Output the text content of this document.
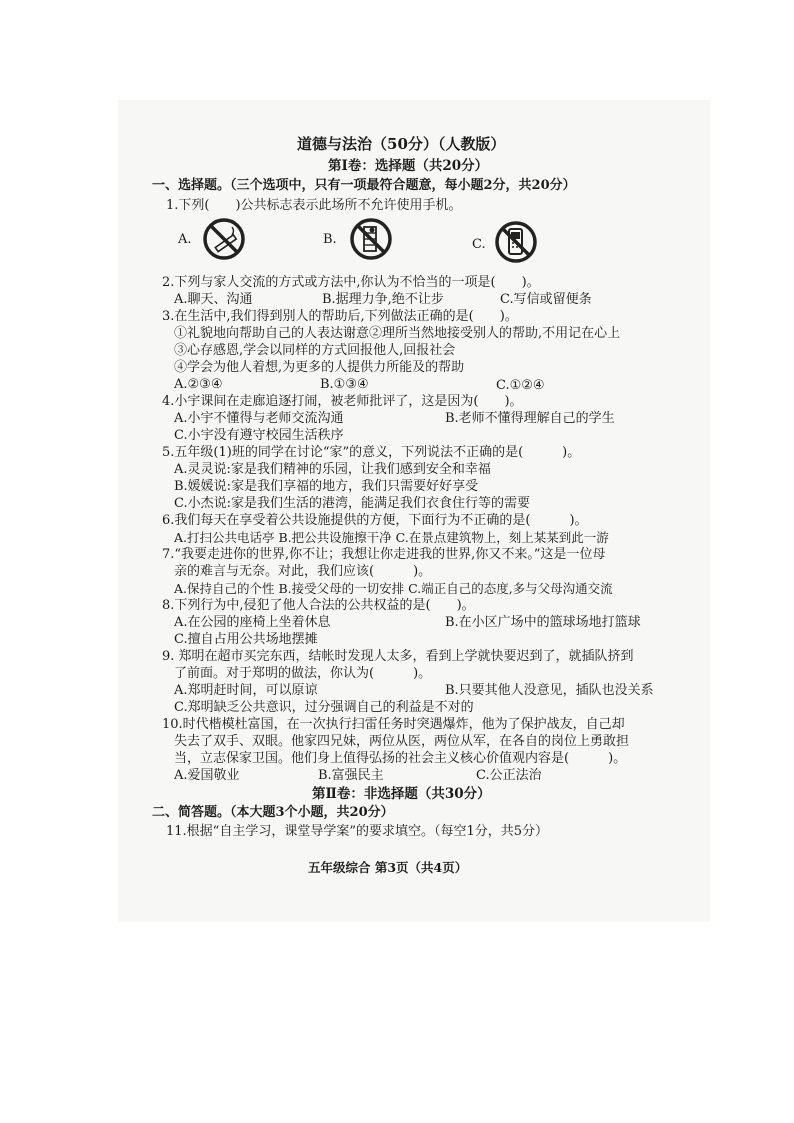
道德与法治（50分）（人教版）
第Ⅰ卷：选择题（共20分）
一、选择题。（三个选项中，只有一项最符合题意，每小题2分，共20分）
1.下列(　　)公共标志表示此场所不允许使用手机。
A.	B.	C.
2.下列与家人交流的方式或方法中,你认为不恰当的一项是(　　)。
A.聊天、沟通	B.据理力争,绝不让步	C.写信或留便条
3.在生活中,我们得到别人的帮助后,下列做法正确的是(　　)。
①礼貌地向帮助自己的人表达谢意②理所当然地接受别人的帮助,不用记在心上
③心存感恩,学会以同样的方式回报他人,回报社会
④学会为他人着想,为更多的人提供力所能及的帮助
A.②③④	B.①③④	C.①②④
4.小宇课间在走廊追逐打闹，被老师批评了，这是因为(　　)。
A.小宇不懂得与老师交流沟通	B.老师不懂得理解自己的学生
C.小宇没有遵守校园生活秩序
5.五年级(1)班的同学在讨论“家”的意义，下列说法不正确的是(　　　)。
A.灵灵说:家是我们精神的乐园，让我们感到安全和幸福
B.媛媛说:家是我们享福的地方，我们只需要好好享受
C.小杰说:家是我们生活的港湾，能满足我们衣食住行等的需要
6.我们每天在享受着公共设施提供的方便，下面行为不正确的是(　　　)。
A.打扫公共电话亭 B.把公共设施擦干净 C.在景点建筑物上，刻上某某到此一游
7.“我要走进你的世界,你不让；我想让你走进我的世界,你又不来。”这是一位母
亲的难言与无奈。对此，我们应该(　　　)。
A.保持自己的个性 B.接受父母的一切安排 C.端正自己的态度,多与父母沟通交流
8.下列行为中,侵犯了他人合法的公共权益的是(　　)。
A.在公园的座椅上坐着休息	B.在小区广场中的篮球场地打篮球
C.擅自占用公共场地摆摊
9. 郑明在超市买完东西，结帐时发现人太多，看到上学就快要迟到了，就插队挤到
了前面。对于郑明的做法，你认为(　　　)。
A.郑明赶时间，可以原谅	B.只要其他人没意见，插队也没关系
C.郑明缺乏公共意识，过分强调自己的利益是不对的
10.时代楷模杜富国，在一次执行扫雷任务时突遇爆炸，他为了保护战友，自己却
失去了双手、双眼。他家四兄妹，两位从医，两位从军，在各自的岗位上勇敢担
当，立志保家卫国。他们身上值得弘扬的社会主义核心价值观内容是(　　　)。
A.爱国敬业	B.富强民主	C.公正法治
第Ⅱ卷：非选择题（共30分）
二、简答题。（本大题3个小题，共20分）
11.根据“自主学习，课堂导学案”的要求填空。（每空1分，共5分）
五年级综合 第3页（共4页）
